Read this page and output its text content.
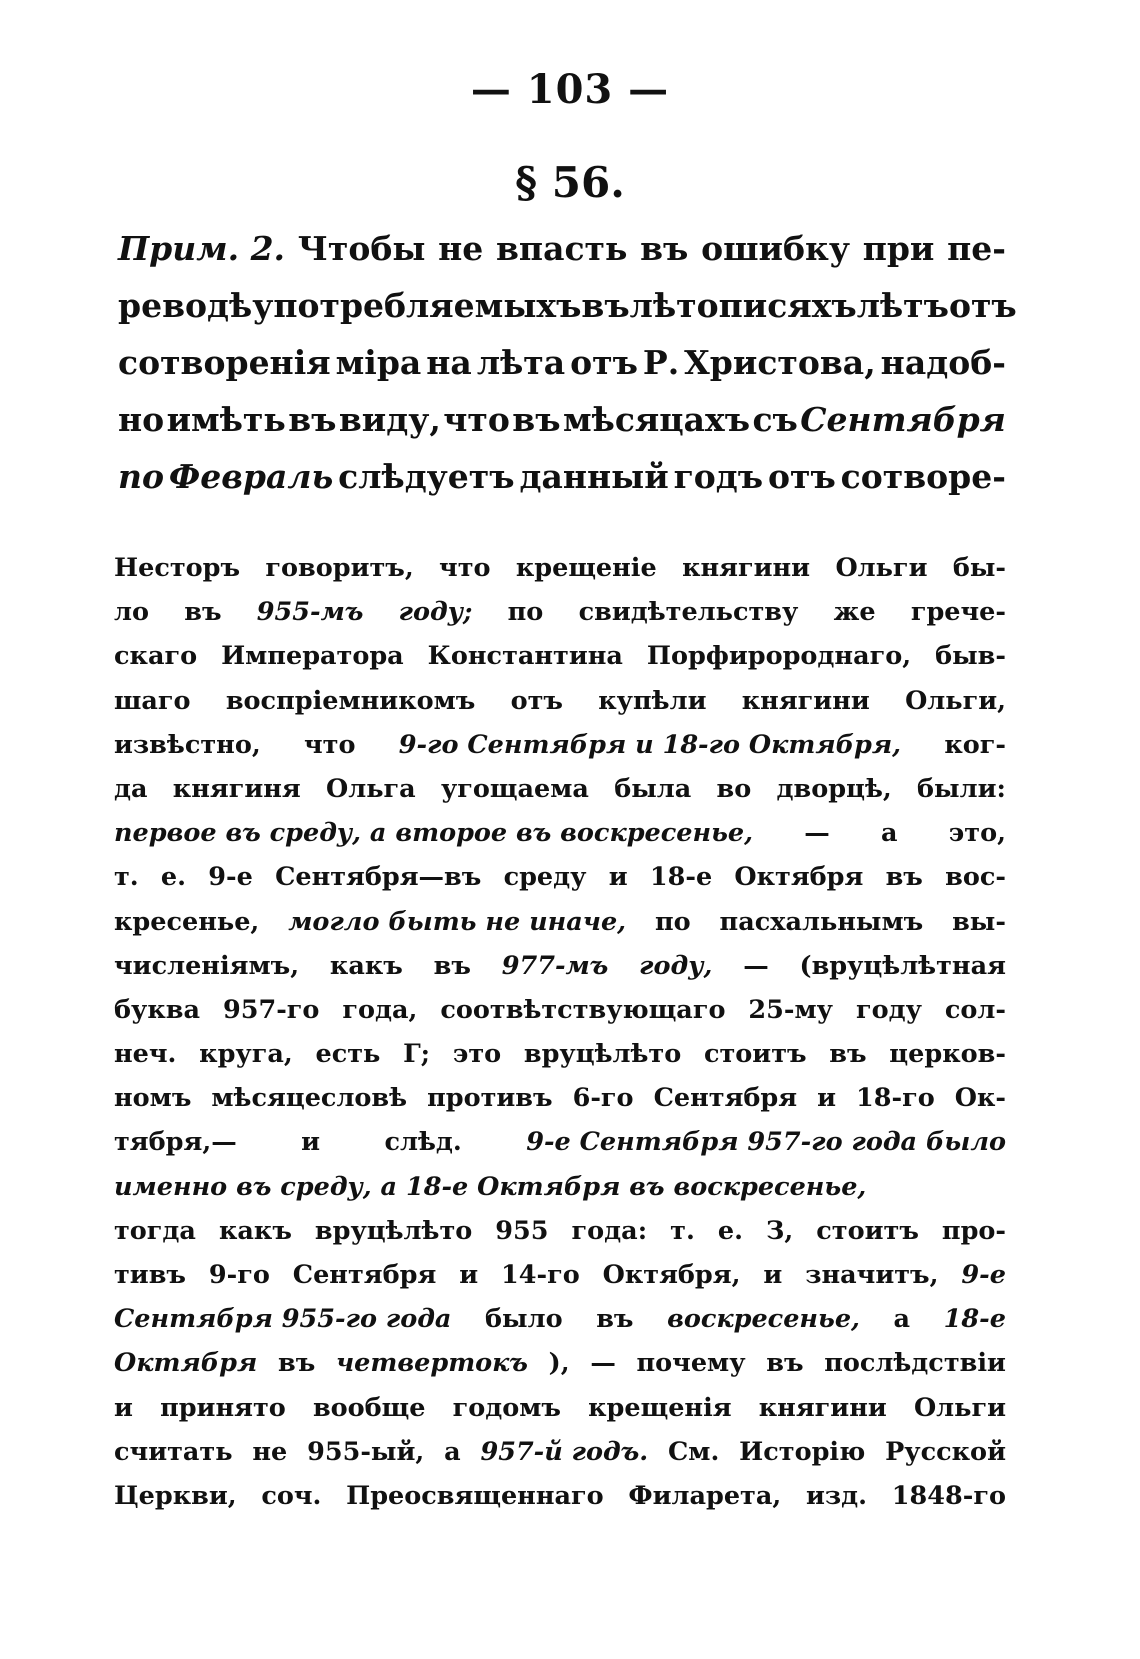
— 103 —
§ 56.
Прим. 2. Чтобы не впасть въ ошибку при пе-
реводѣ употребляемыхъ въ лѣтописяхъ лѣтъ отъ
сотворенія міра на лѣта отъ Р. Христова, надоб-
но имѣть въ виду, что въ мѣсяцахъ съ Сентября
по Февраль слѣдуетъ данный годъ отъ сотворе-
Несторъ говоритъ, что крещеніе княгини Ольги бы-
ло въ 955-мъ году; по свидѣтельству же грече-
скаго Императора Константина Порфиророднаго, быв-
шаго воспріемникомъ отъ купѣли княгини Ольги,
извѣстно, что 9-го Сентября и 18-го Октября, ког-
да княгиня Ольга угощаема была во дворцѣ, были:
первое въ среду, а второе въ воскресенье, — а это,
т. е. 9-е Сентября—въ среду и 18-е Октября въ вос-
кресенье, могло быть не иначе, по пасхальнымъ вы-
численіямъ, какъ въ 977-мъ году, — (вруцѣлѣтная
буква 957-го года, соотвѣтствующаго 25-му году сол-
неч. круга, есть Г; это вруцѣлѣто стоитъ въ церков-
номъ мѣсяцесловѣ противъ 6-го Сентября и 18-го Ок-
тября,—	и	слѣд.	9-е Сентября 957-го года было
именно въ среду, а 18-е Октября въ воскресенье,
тогда какъ вруцѣлѣто 955 года: т. е. З, стоитъ про-
тивъ 9-го Сентября и 14-го Октября, и значитъ, 9-е
Сентября 955-го года было въ воскресенье, а 18-е
Октября въ четвертокъ ), — почему въ послѣдствіи
и принято вообще годомъ крещенія княгини Ольги
считать не 955-ый, а 957-й годъ. См. Исторію Русской
Церкви, соч. Преосвященнаго Филарета, изд. 1848-го
